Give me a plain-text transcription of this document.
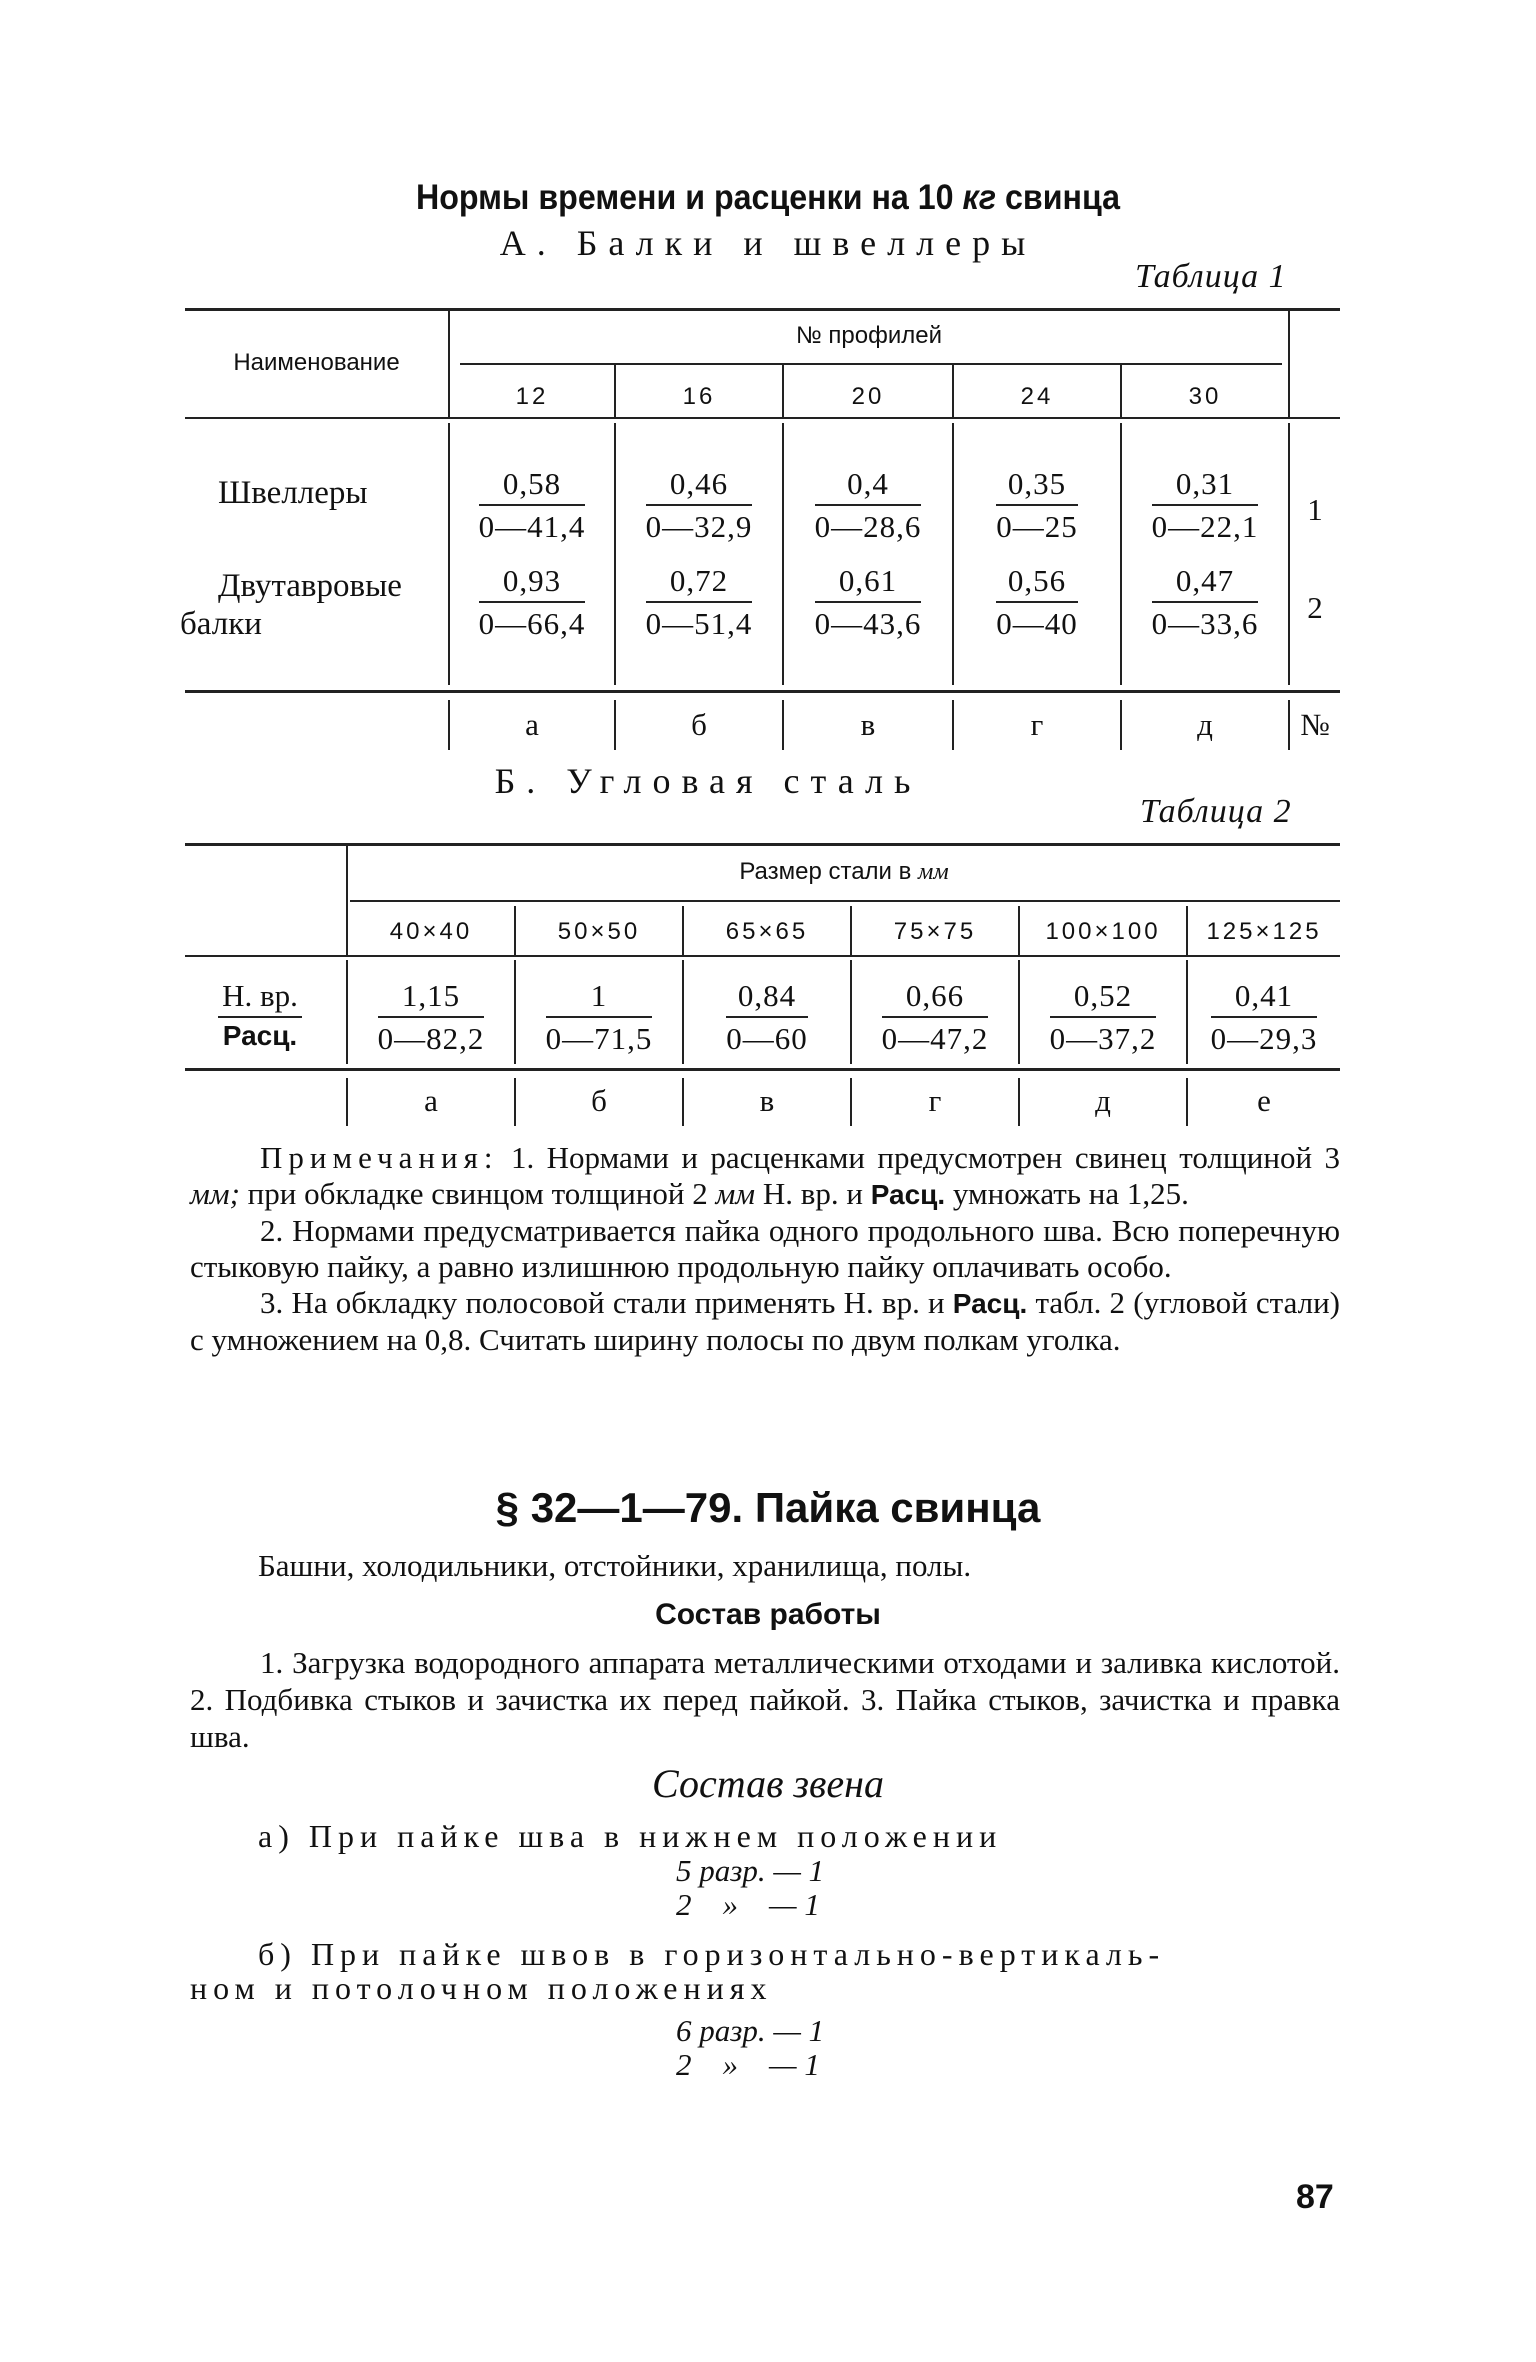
Нормы времени и расценки на 10 кг свинца
А. Балки и швеллеры
Таблица 1
Наименование
№ профилей
12	16	20	24	30
Швеллеры	$\frac{0,58}{0—41,4} \frac{0,46}{0—32,9} \frac{0,4}{0—28,6} \frac{0,35}{0—25} \frac{0,31}{0—22,1}$	1
Двутавровые
балки	$\frac{0,93}{0—66,4} \frac{0,72}{0—51,4} \frac{0,61}{0—43,6} \frac{0,56}{0—40} \frac{0,47}{0—33,6}$	2
а	б	в	г	д	№
Б. Угловая сталь
Таблица 2
Размер стали в мм
40×40	50×50	65×65	75×75	100×100	125×125
Н. вр.
Расц.	$\frac{1,15}{0—82,2} \frac{1}{0—71,5} \frac{0,84}{0—60} \frac{0,66}{0—47,2} \frac{0,52}{0—37,2} \frac{0,41}{0—29,3}$
а	б	в	г	д	е

Примечания: 1. Нормами и расценками предусмотрен свинец толщиной 3 мм; при обкладке свинцом толщиной 2 мм Н. вр. и Расц. умножать на 1,25.

2. Нормами предусматривается пайка одного продольного шва. Всю поперечную стыковую пайку, а равно излишнюю продольную пайку оплачивать особо.

3. На обкладку полосовой стали применять Н. вр. и Расц. табл. 2 (угловой стали) с умножением на 0,8. Считать ширину полосы по двум полкам уголка.

§ 32—1—79. Пайка свинца
Башни, холодильники, отстойники, хранилища, полы.
Состав работы
1. Загрузка водородного аппарата металлическими отходами и заливка кислотой. 2. Подбивка стыков и зачистка их перед пайкой. 3. Пайка стыков, зачистка и правка шва.
Состав звена
а) При пайке шва в нижнем положении
5 разр. — 1
2    »    — 1
б) При пайке швов в горизонтально-вертикаль-
ном и потолочном положениях
6 разр. — 1
2    »    — 1
87
